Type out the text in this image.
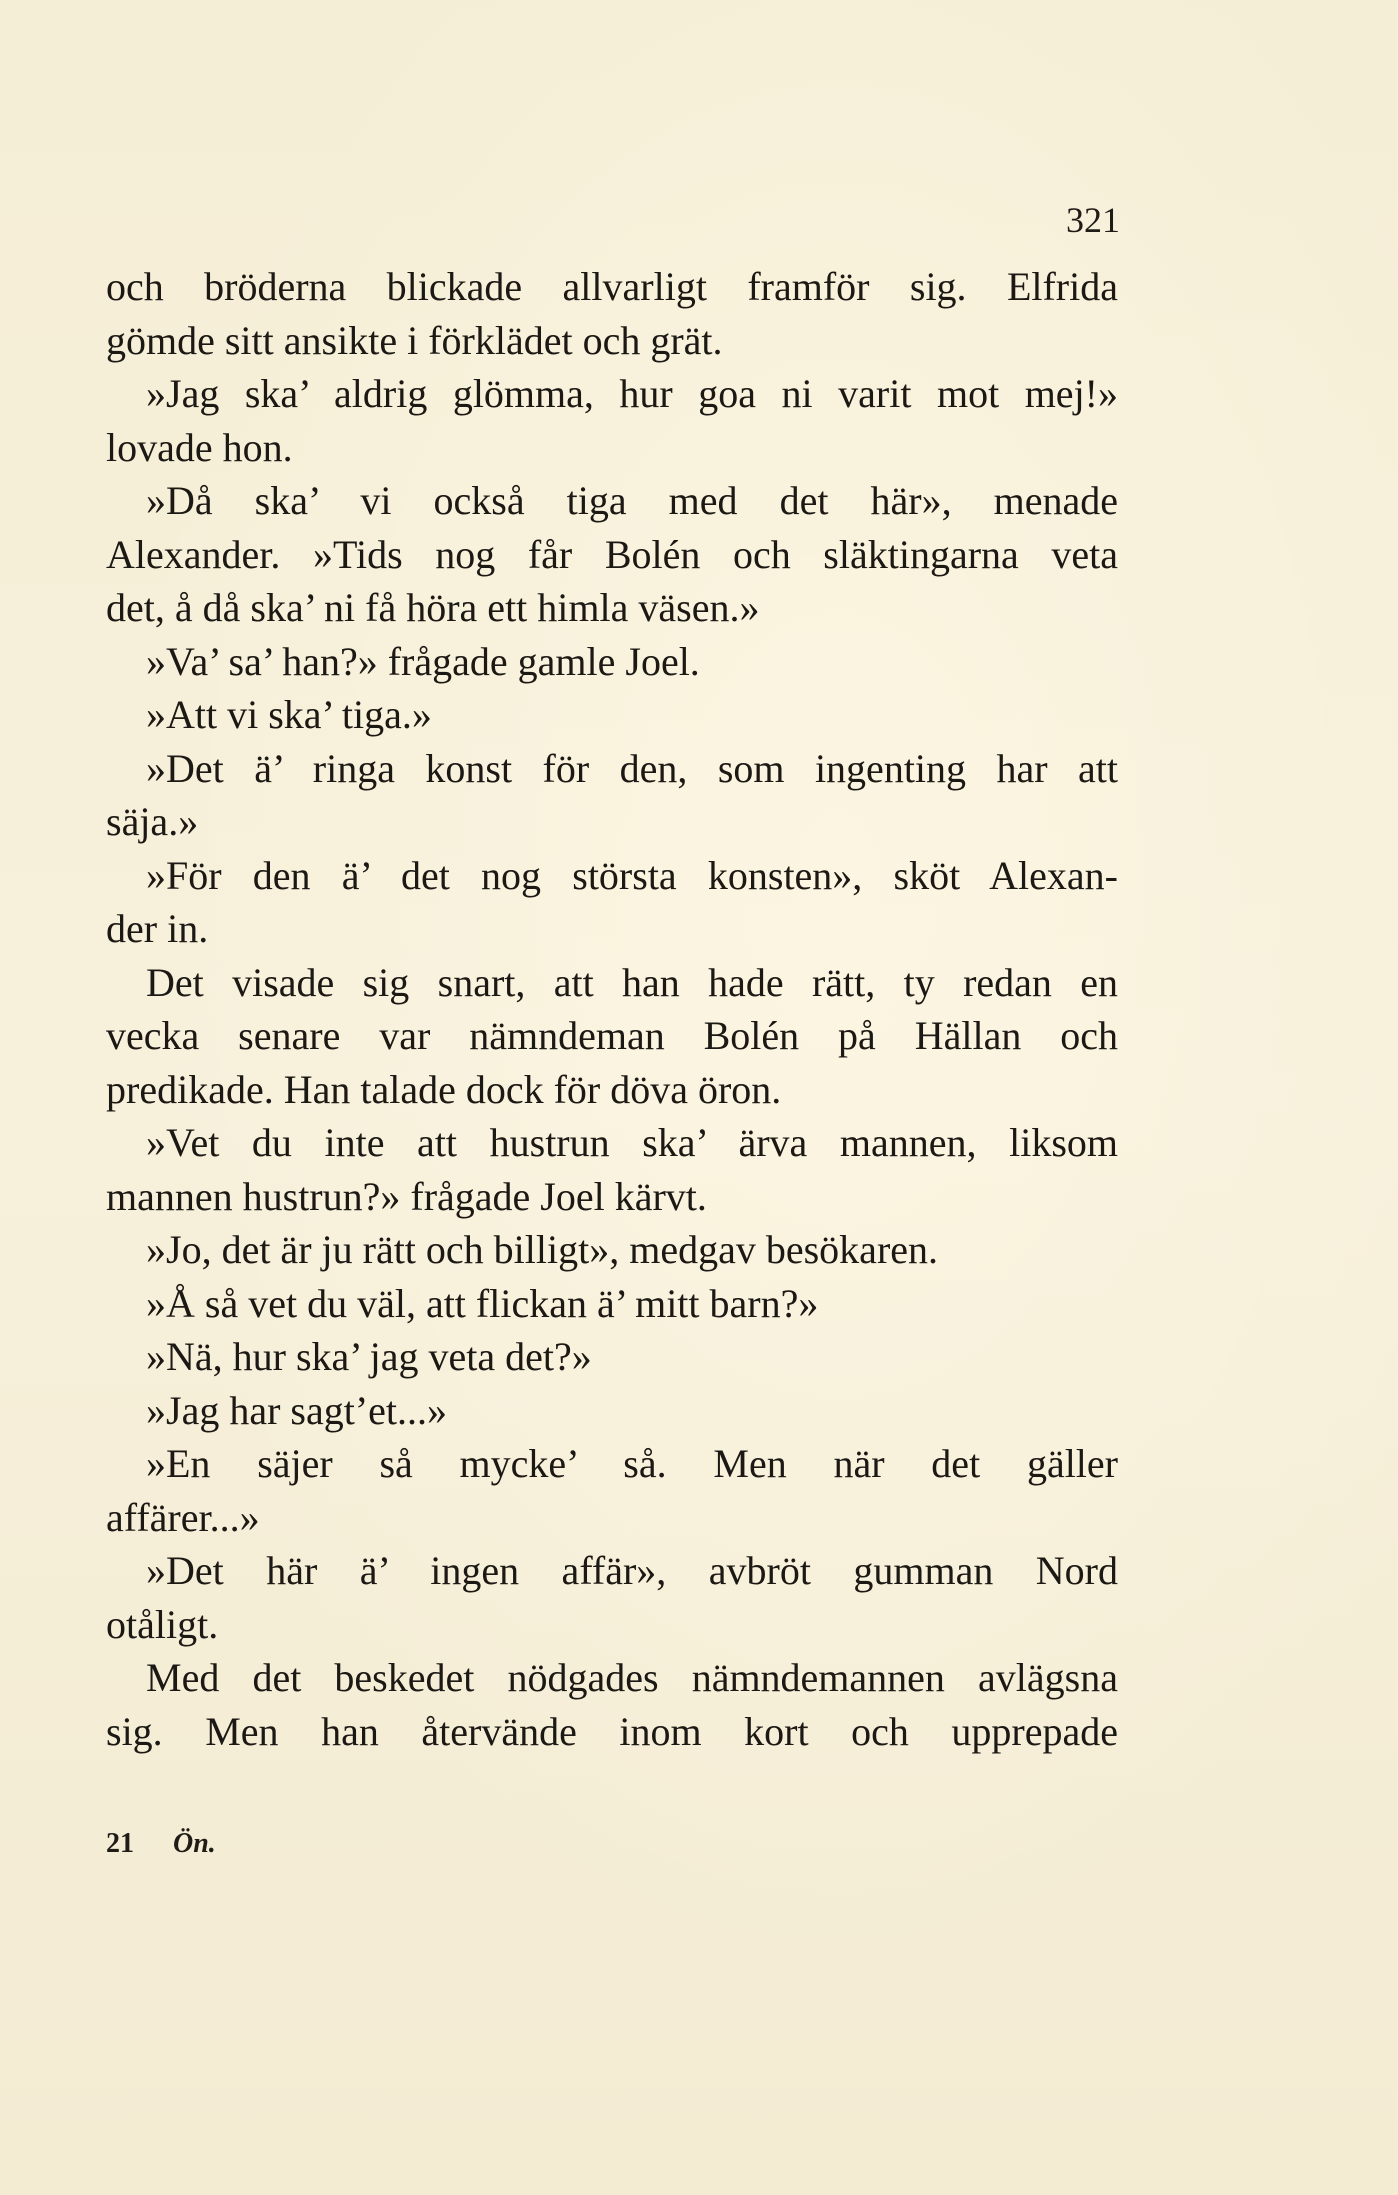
321
och bröderna blickade allvarligt framför sig. Elfrida
gömde sitt ansikte i förklädet och grät.
»Jag ska’ aldrig glömma, hur goa ni varit mot mej!»
lovade hon.
»Då ska’ vi också tiga med det här», menade
Alexander. »Tids nog får Bolén och släktingarna veta
det, å då ska’ ni få höra ett himla väsen.»
»Va’ sa’ han?» frågade gamle Joel.
»Att vi ska’ tiga.»
»Det ä’ ringa konst för den, som ingenting har att
säja.»
»För den ä’ det nog största konsten», sköt Alexan-
der in.
Det visade sig snart, att han hade rätt, ty redan en
vecka senare var nämndeman Bolén på Hällan och
predikade. Han talade dock för döva öron.
»Vet du inte att hustrun ska’ ärva mannen, liksom
mannen hustrun?» frågade Joel kärvt.
»Jo, det är ju rätt och billigt», medgav besökaren.
»Å så vet du väl, att flickan ä’ mitt barn?»
»Nä, hur ska’ jag veta det?»
»Jag har sagt’et...»
»En säjer så mycke’ så. Men när det gäller
affärer...»
»Det här ä’ ingen affär», avbröt gumman Nord
otåligt.
Med det beskedet nödgades nämndemannen avlägsna
sig. Men han återvände inom kort och upprepade
21 Ön.
